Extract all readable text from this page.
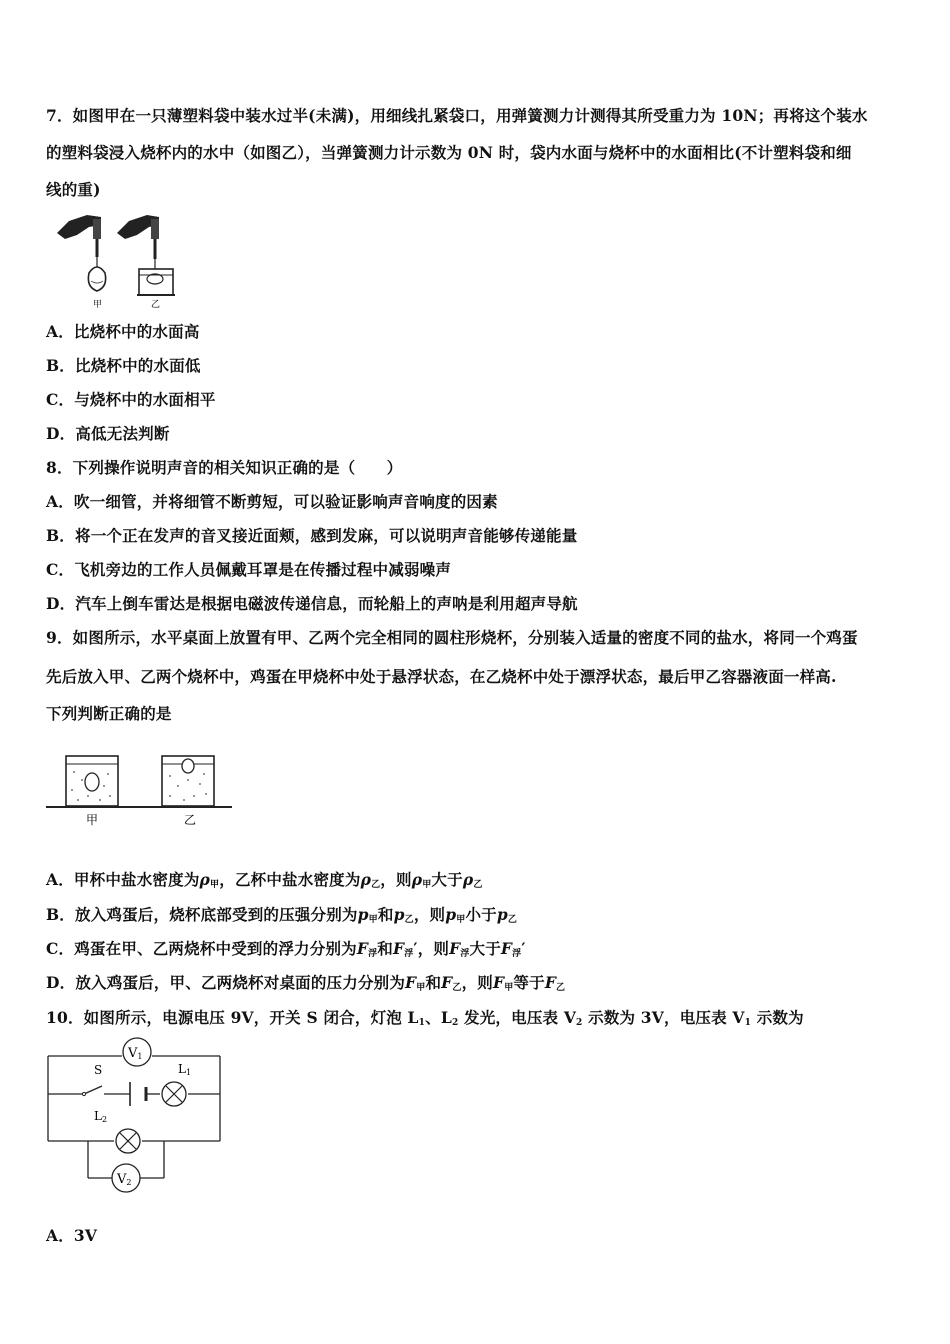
7．如图甲在一只薄塑料袋中装水过半(未满)，用细线扎紧袋口，用弹簧测力计测得其所受重力为 10N；再将这个装水
的塑料袋浸入烧杯内的水中（如图乙），当弹簧测力计示数为 0N 时，袋内水面与烧杯中的水面相比(不计塑料袋和细
线的重)
甲	乙
A．比烧杯中的水面高
B．比烧杯中的水面低
C．与烧杯中的水面相平
D．高低无法判断
8．下列操作说明声音的相关知识正确的是（　　）
A．吹一细管，并将细管不断剪短，可以验证影响声音响度的因素
B．将一个正在发声的音叉接近面颊，感到发麻，可以说明声音能够传递能量
C．飞机旁边的工作人员佩戴耳罩是在传播过程中减弱噪声
D．汽车上倒车雷达是根据电磁波传递信息，而轮船上的声呐是利用超声导航
9．如图所示，水平桌面上放置有甲、乙两个完全相同的圆柱形烧杯，分别装入适量的密度不同的盐水，将同一个鸡蛋
先后放入甲、乙两个烧杯中，鸡蛋在甲烧杯中处于悬浮状态，在乙烧杯中处于漂浮状态，最后甲乙容器液面一样高.
下列判断正确的是
甲	乙
A．甲杯中盐水密度为$\rho_甲$，乙杯中盐水密度为$\rho_乙$，则$\rho_甲$大于$\rho_乙$
B．放入鸡蛋后，烧杯底部受到的压强分别为$p_甲$和$p_乙$，则$p_甲$小于$p_乙$
C．鸡蛋在甲、乙两烧杯中受到的浮力分别为$F_浮$和$F_浮'$，则$F_浮$大于$F_浮'$
D．放入鸡蛋后，甲、乙两烧杯对桌面的压力分别为$F_甲$和$F_乙$，则$F_甲$等于$F_乙$
10．如图所示，电源电压 9V，开关 S 闭合，灯泡 $L_1$、$L_2$ 发光，电压表 $V_2$ 示数为 3V，电压表 $V_1$ 示数为
V1
V2
S	L1
L2
A．3V
